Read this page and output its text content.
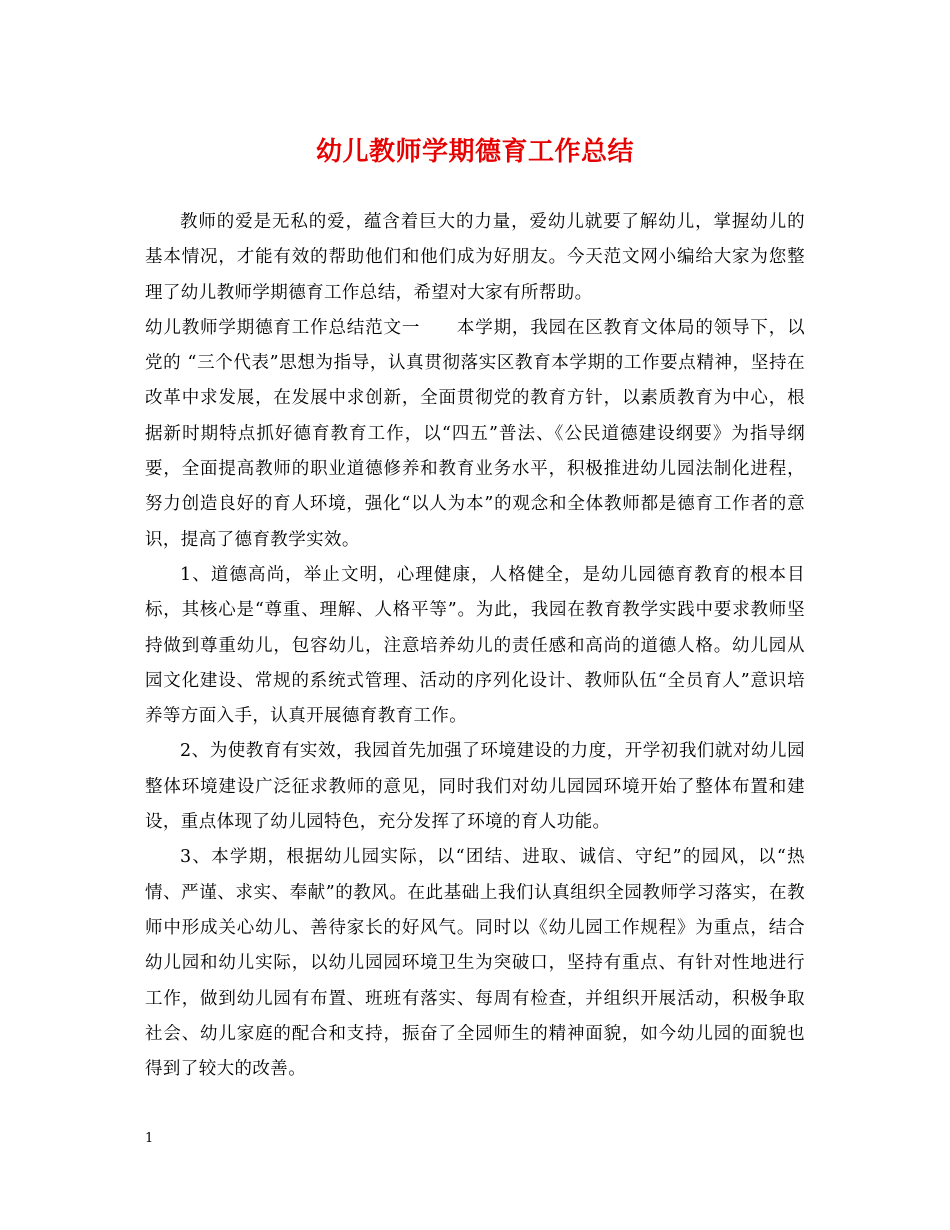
幼儿教师学期德育工作总结

教师的爱是无私的爱，蕴含着巨大的力量，爱幼儿就要了解幼儿，掌握幼儿的基本情况，才能有效的帮助他们和他们成为好朋友。今天范文网小编给大家为您整理了幼儿教师学期德育工作总结，希望对大家有所帮助。

幼儿教师学期德育工作总结范文一　　本学期，我园在区教育文体局的领导下，以党的 “三个代表”思想为指导，认真贯彻落实区教育本学期的工作要点精神，坚持在改革中求发展，在发展中求创新，全面贯彻党的教育方针，以素质教育为中心，根据新时期特点抓好德育教育工作，以“四五”普法、《公民道德建设纲要》为指导纲要，全面提高教师的职业道德修养和教育业务水平，积极推进幼儿园法制化进程，努力创造良好的育人环境，强化“以人为本”的观念和全体教师都是德育工作者的意识，提高了德育教学实效。

1、道德高尚，举止文明，心理健康，人格健全，是幼儿园德育教育的根本目标，其核心是“尊重、理解、人格平等”。为此，我园在教育教学实践中要求教师坚持做到尊重幼儿，包容幼儿，注意培养幼儿的责任感和高尚的道德人格。幼儿园从园文化建设、常规的系统式管理、活动的序列化设计、教师队伍“全员育人”意识培养等方面入手，认真开展德育教育工作。

2、为使教育有实效，我园首先加强了环境建设的力度，开学初我们就对幼儿园整体环境建设广泛征求教师的意见，同时我们对幼儿园园环境开始了整体布置和建设，重点体现了幼儿园特色，充分发挥了环境的育人功能。

3、本学期，根据幼儿园实际，以“团结、进取、诚信、守纪”的园风，以“热情、严谨、求实、奉献”的教风。在此基础上我们认真组织全园教师学习落实，在教师中形成关心幼儿、善待家长的好风气。同时以《幼儿园工作规程》为重点，结合幼儿园和幼儿实际，以幼儿园园环境卫生为突破口，坚持有重点、有针对性地进行工作，做到幼儿园有布置、班班有落实、每周有检查，并组织开展活动，积极争取社会、幼儿家庭的配合和支持，振奋了全园师生的精神面貌，如今幼儿园的面貌也得到了较大的改善。

1
